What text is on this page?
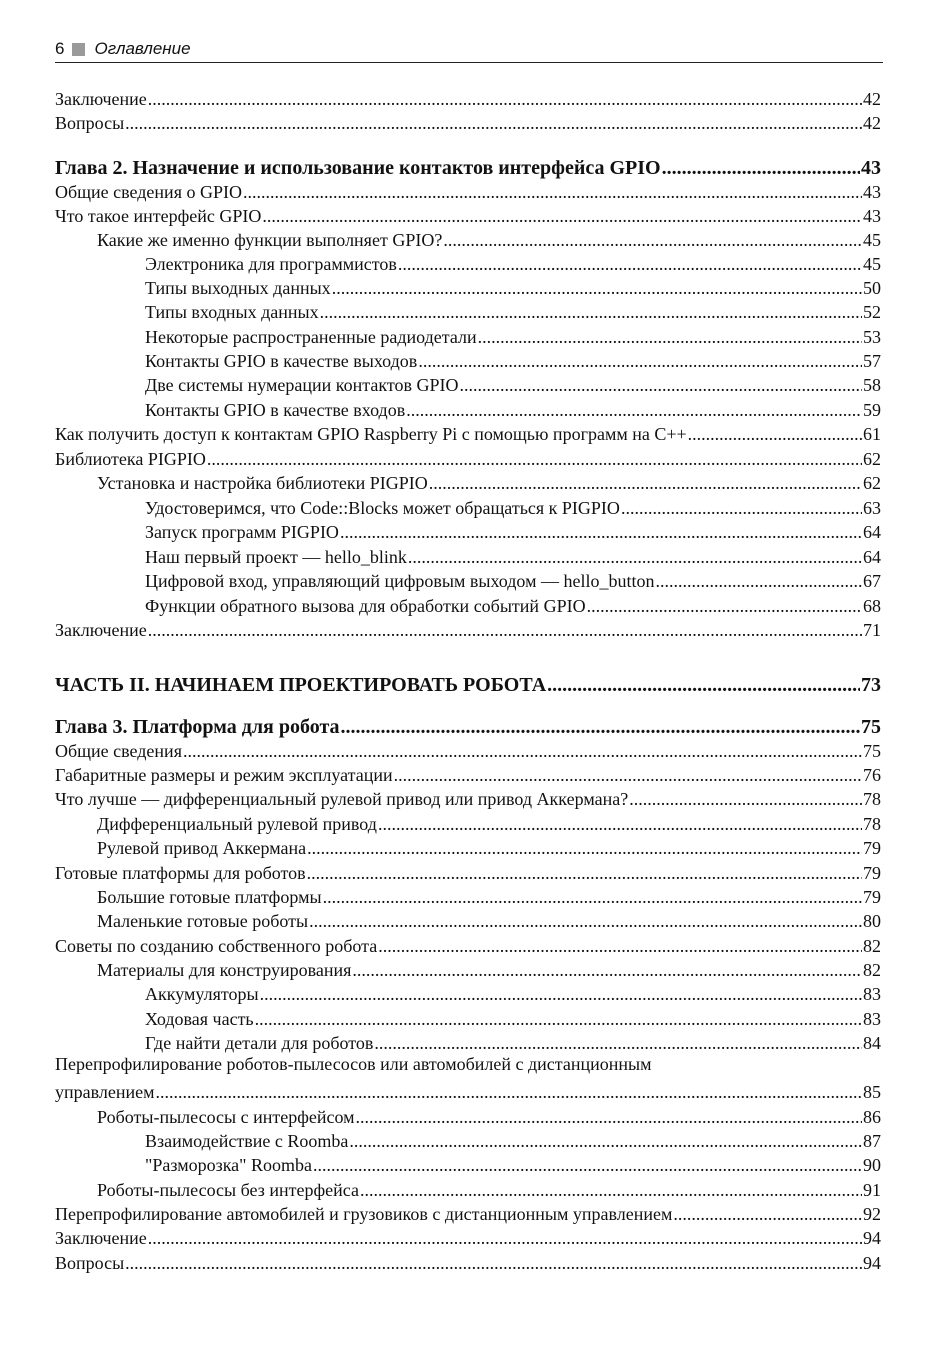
6 Оглавление
Заключение .....	42
Вопросы .....	42
Глава 2. Назначение и использование контактов интерфейса GPIO .....	43
Общие сведения о GPIO .....	43
Что такое интерфейс GPIO .....	43
Какие же именно функции выполняет GPIO? .....	45
Электроника для программистов .....	45
Типы выходных данных .....	50
Типы входных данных .....	52
Некоторые распространенные радиодетали .....	53
Контакты GPIO в качестве выходов .....	57
Две системы нумерации контактов GPIO .....	58
Контакты GPIO в качестве входов .....	59
Как получить доступ к контактам GPIO Raspberry Pi с помощью программ на C++ .....	61
Библиотека PIGPIO .....	62
Установка и настройка библиотеки PIGPIO .....	62
Удостоверимся, что Code::Blocks может обращаться к PIGPIO .....	63
Запуск программ PIGPIO .....	64
Наш первый проект — hello_blink .....	64
Цифровой вход, управляющий цифровым выходом — hello_button .....	67
Функции обратного вызова для обработки событий GPIO .....	68
Заключение .....	71
ЧАСТЬ II. НАЧИНАЕМ ПРОЕКТИРОВАТЬ РОБОТА .....	73
Глава 3. Платформа для робота .....	75
Общие сведения .....	75
Габаритные размеры и режим эксплуатации .....	76
Что лучше — дифференциальный рулевой привод или привод Аккермана? .....	78
Дифференциальный рулевой привод .....	78
Рулевой привод Аккермана .....	79
Готовые платформы для роботов .....	79
Большие готовые платформы .....	79
Маленькие готовые роботы .....	80
Советы по созданию собственного робота .....	82
Материалы для конструирования .....	82
Аккумуляторы .....	83
Ходовая часть .....	83
Где найти детали для роботов .....	84
Перепрофилирование роботов-пылесосов или автомобилей с дистанционным
управлением .....	85
Роботы-пылесосы с интерфейсом .....	86
Взаимодействие с Roomba .....	87
"Разморозка" Roomba .....	90
Роботы-пылесосы без интерфейса .....	91
Перепрофилирование автомобилей и грузовиков с дистанционным управлением .....	92
Заключение .....	94
Вопросы .....	94
